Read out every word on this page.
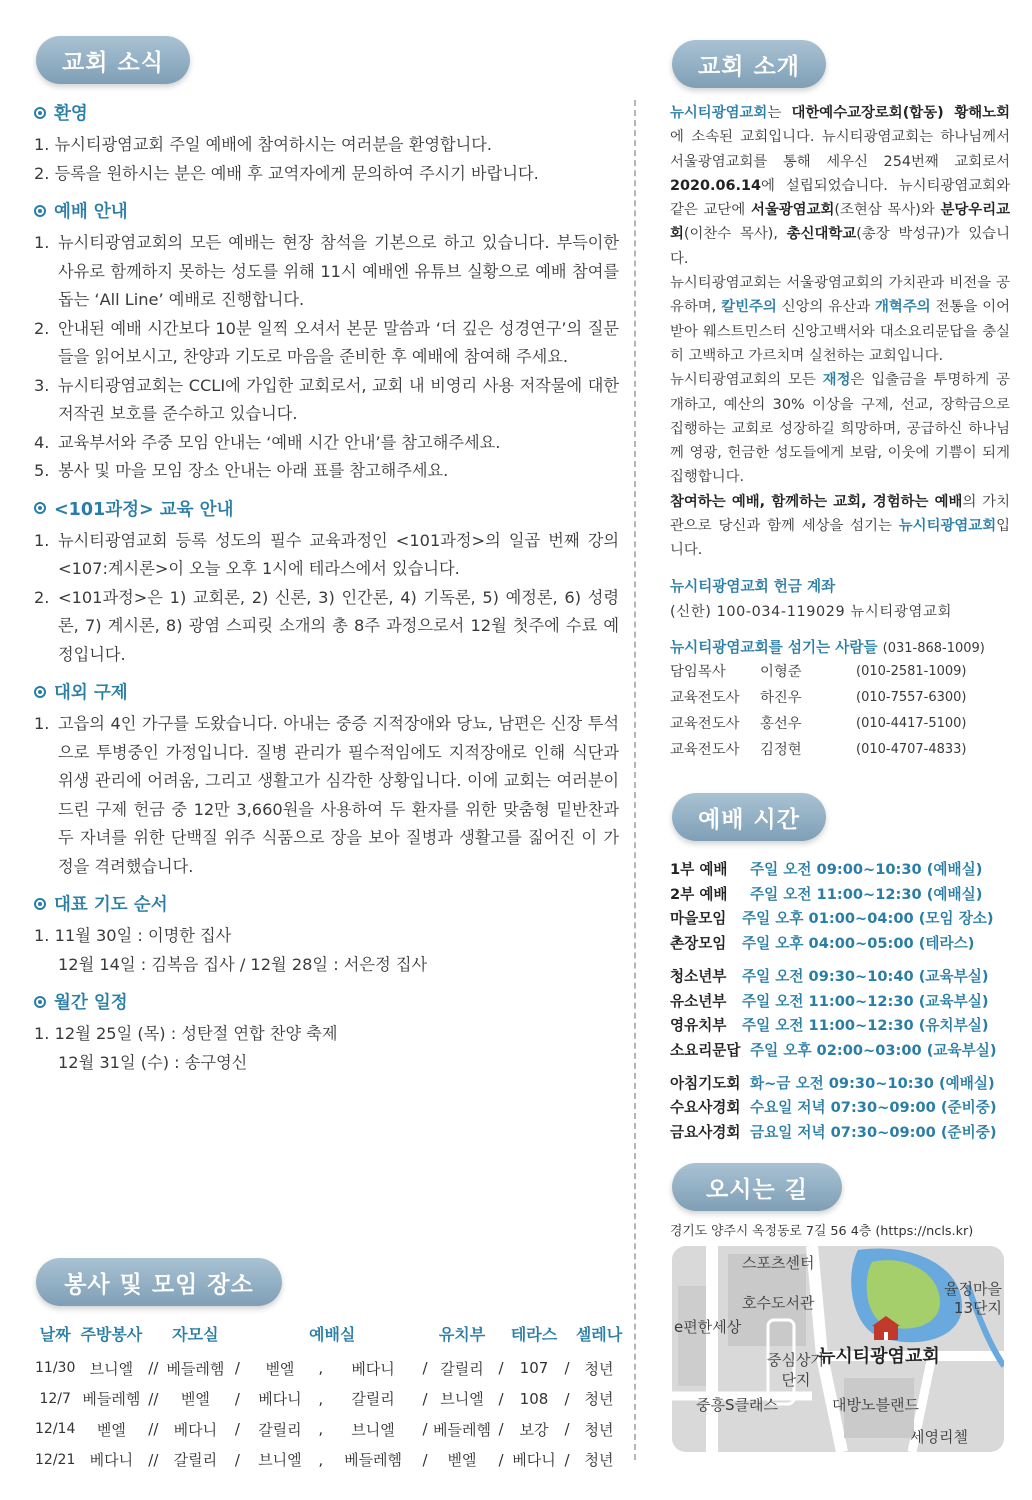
교회 소식	교회 소개
예배 시간
오시는 길
봉사 및 모임 장소
환영
1. 뉴시티광염교회 주일 예배에 참여하시는 여러분을 환영합니다.
2. 등록을 원하시는 분은 예배 후 교역자에게 문의하여 주시기 바랍니다.
예배 안내
1. 뉴시티광염교회의 모든 예배는 현장 참석을 기본으로 하고 있습니다. 부득이한 사유로 함께하지 못하는 성도를 위해 11시 예배엔 유튜브 실황으로 예배 참여를 돕는 ‘All Line’ 예배로 진행합니다.
2. 안내된 예배 시간보다 10분 일찍 오셔서 본문 말씀과 ‘더 깊은 성경연구’의 질문들을 읽어보시고, 찬양과 기도로 마음을 준비한 후 예배에 참여해 주세요.
3. 뉴시티광염교회는 CCLI에 가입한 교회로서, 교회 내 비영리 사용 저작물에 대한 저작권 보호를 준수하고 있습니다.
4. 교육부서와 주중 모임 안내는 ‘예배 시간 안내’를 참고해주세요.
5. 봉사 및 마을 모임 장소 안내는 아래 표를 참고해주세요.
<101과정> 교육 안내
1. 뉴시티광염교회 등록 성도의 필수 교육과정인 <101과정>의 일곱 번째 강의 <107:계시론>이 오늘 오후 1시에 테라스에서 있습니다.
2. <101과정>은 1) 교회론, 2) 신론, 3) 인간론, 4) 기독론, 5) 예정론, 6) 성령론, 7) 계시론, 8) 광염 스피릿 소개의 총 8주 과정으로서 12월 첫주에 수료 예정입니다.
대외 구제
1. 고읍의 4인 가구를 도왔습니다. 아내는 중증 지적장애와 당뇨, 남편은 신장 투석으로 투병중인 가정입니다. 질병 관리가 필수적임에도 지적장애로 인해 식단과 위생 관리에 어려움, 그리고 생활고가 심각한 상황입니다. 이에 교회는 여러분이 드린 구제 헌금 중 12만 3,660원을 사용하여 두 환자를 위한 맞춤형 밑반찬과 두 자녀를 위한 단백질 위주 식품으로 장을 보아 질병과 생활고를 짊어진 이 가정을 격려했습니다.
대표 기도 순서
1. 11월 30일 : 이명한 집사
12월 14일 : 김복음 집사 / 12월 28일 : 서은정 집사
월간 일정
1. 12월 25일 (목) : 성탄절 연합 찬양 축제
12월 31일 (수) : 송구영신
날짜	주방봉사		자모실		예배실				유치부		테라스		셀레나
11/30	브니엘	//	베들레헴	/	벧엘	,	베다니	/	갈릴리	/	107	/	청년
12/7	베들레헴	//	벧엘	/	베다니	,	갈릴리	/	브니엘	/	108	/	청년
12/14	벧엘	//	베다니	/	갈릴리	,	브니엘	/	베들레헴	/	보강	/	청년
12/21	베다니	//	갈릴리	/	브니엘	,	베들레헴	/	벧엘	/	베다니	/	청년
뉴시티광염교회는 대한예수교장로회(합동) 황해노회에 소속된 교회입니다. 뉴시티광염교회는 하나님께서 서울광염교회를 통해 세우신 254번째 교회로서 2020.06.14에 설립되었습니다. 뉴시티광염교회와 같은 교단에 서울광염교회(조현삼 목사)와 분당우리교회(이찬수 목사), 총신대학교(총장 박성규)가 있습니다.
뉴시티광염교회는 서울광염교회의 가치관과 비전을 공유하며, 칼빈주의 신앙의 유산과 개혁주의 전통을 이어받아 웨스트민스터 신앙고백서와 대소요리문답을 충실히 고백하고 가르치며 실천하는 교회입니다.
뉴시티광염교회의 모든 재정은 입출금을 투명하게 공개하고, 예산의 30% 이상을 구제, 선교, 장학금으로 집행하는 교회로 성장하길 희망하며, 공급하신 하나님께 영광, 헌금한 성도들에게 보람, 이웃에 기쁨이 되게 집행합니다.
참여하는 예배, 함께하는 교회, 경험하는 예배의 가치관으로 당신과 함께 세상을 섬기는 뉴시티광염교회입니다.
뉴시티광염교회 헌금 계좌
(신한) 100-034-119029 뉴시티광염교회
뉴시티광염교회를 섬기는 사람들 (031-868-1009)
담임목사	이형준	(010-2581-1009)
교육전도사	하진우	(010-7557-6300)
교육전도사	홍선우	(010-4417-5100)
교육전도사	김정현	(010-4707-4833)
1부 예배	주일 오전 09:00~10:30 (예배실)
2부 예배	주일 오전 11:00~12:30 (예배실)
마을모임	주일 오후 01:00~04:00 (모임 장소)
촌장모임	주일 오후 04:00~05:00 (테라스)
청소년부	주일 오전 09:30~10:40 (교육부실)
유소년부	주일 오전 11:00~12:30 (교육부실)
영유치부	주일 오전 11:00~12:30 (유치부실)
소요리문답 주일 오후 02:00~03:00 (교육부실)
아침기도회 화~금 오전 09:30~10:30 (예배실)
수요사경회 수요일 저녁 07:30~09:00 (준비중)
금요사경회 금요일 저녁 07:30~09:00 (준비중)
경기도 양주시 옥정동로 7길 56 4층 (https://ncls.kr)
스포츠센터
호수도서관
e편한세상
율정마을 13단지
중심상가 단지
뉴시티광염교회
중흥S클래스	대방노블랜드
세영리첼
